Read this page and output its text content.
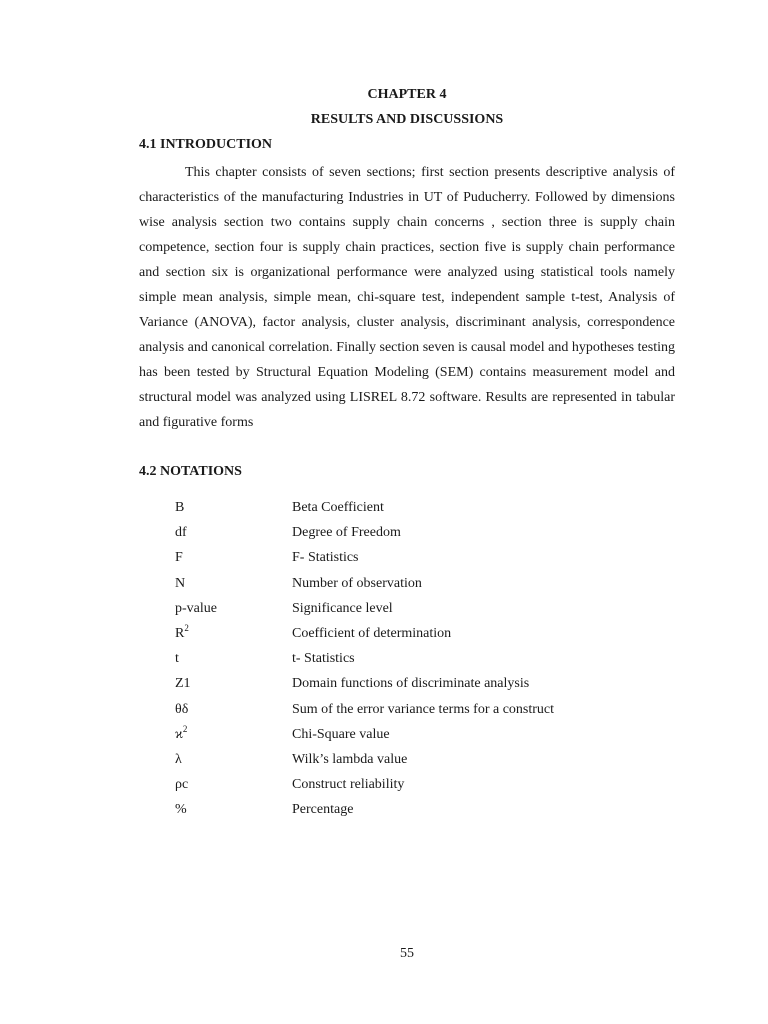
CHAPTER 4
RESULTS AND DISCUSSIONS
4.1 INTRODUCTION

This chapter consists of seven sections; first section presents descriptive analysis of characteristics of the manufacturing Industries in UT of Puducherry. Followed by dimensions wise analysis section two contains supply chain concerns , section three is supply chain competence, section four is supply chain practices, section five is supply chain performance and section six is organizational performance were analyzed using statistical tools namely simple mean analysis, simple mean, chi-square test, independent sample t-test, Analysis of Variance (ANOVA), factor analysis, cluster analysis, discriminant analysis, correspondence analysis and canonical correlation. Finally section seven is causal model and hypotheses testing has been tested by Structural Equation Modeling (SEM) contains measurement model and structural model was analyzed using LISREL 8.72 software. Results are represented in tabular and figurative forms

4.2 NOTATIONS
B	Beta Coefficient
df	Degree of Freedom
F	F- Statistics
N	Number of observation
p-value	Significance level
$R^2$	Coefficient of determination
t	t- Statistics
Z1	Domain functions of discriminate analysis
θδ	Sum of the error variance terms for a construct
$ϰ^2$	Chi-Square value
λ	Wilk’s lambda value
ρc	Construct reliability
%	Percentage
55
